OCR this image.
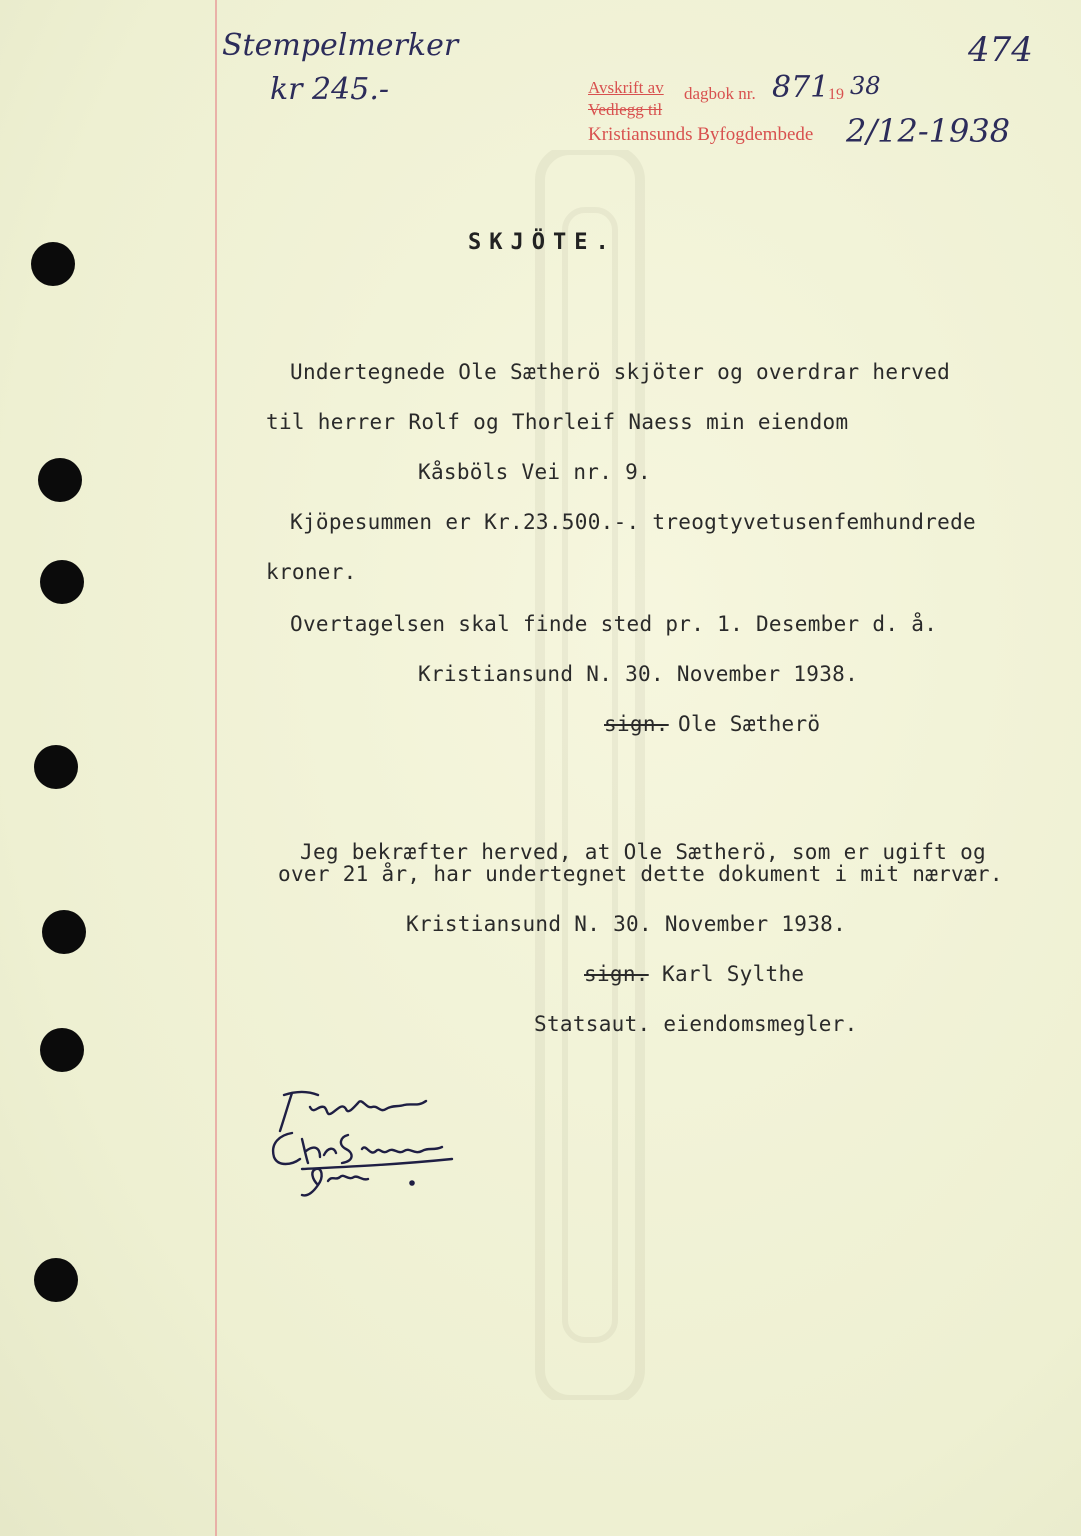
Stempelmerker
kr 245.-
474
Avskrift av dagbok nr. 871
19 38
Vedlegg til
Kristiansunds Byfogdembede 2/12-1938
SKJÖTE.
Undertegnede Ole Sætherö skjöter og overdrar herved
til herrer Rolf og Thorleif Naess min eiendom
Kåsböls Vei nr. 9.
Kjöpesummen er Kr.23.500.-. treogtyvetusenfemhundrede
kroner.
Overtagelsen skal finde sted pr. 1. Desember d. å.
Kristiansund N. 30. November 1938.
sign. Ole Sætherö
Jeg bekræfter herved, at Ole Sætherö, som er ugift og
over 21 år, har undertegnet dette dokument i mit nærvær.
Kristiansund N. 30. November 1938.
sign. Karl Sylthe
Statsaut. eiendomsmegler.
